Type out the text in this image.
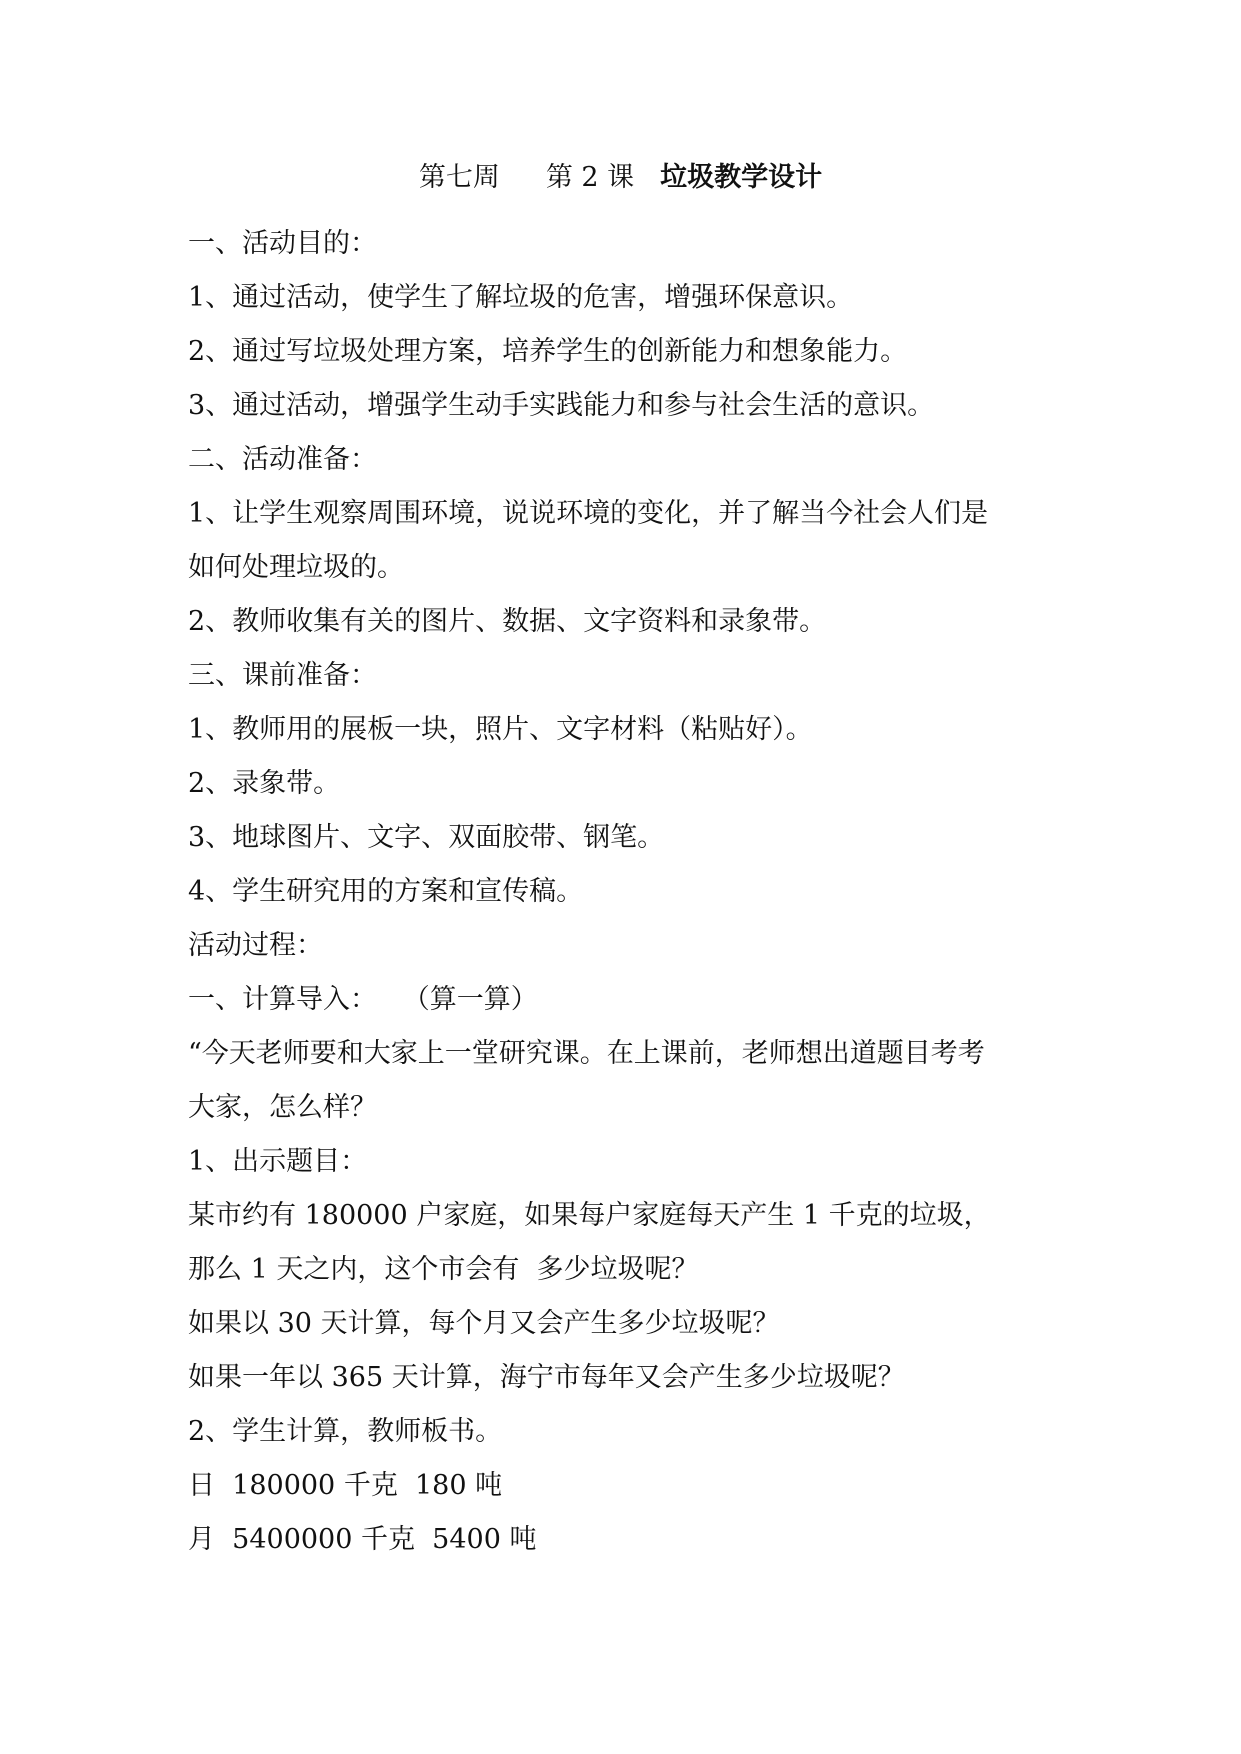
第七周 第 2 课 垃圾教学设计
一、活动目的：
1、通过活动，使学生了解垃圾的危害，增强环保意识。
2、通过写垃圾处理方案，培养学生的创新能力和想象能力。
3、通过活动，增强学生动手实践能力和参与社会生活的意识。
二、活动准备：
1、让学生观察周围环境，说说环境的变化，并了解当今社会人们是
如何处理垃圾的。
2、教师收集有关的图片、数据、文字资料和录象带。
三、课前准备：
1、教师用的展板一块，照片、文字材料（粘贴好）。
2、录象带。
3、地球图片、文字、双面胶带、钢笔。
4、学生研究用的方案和宣传稿。
活动过程：
一、计算导入：   （算一算）
“今天老师要和大家上一堂研究课。在上课前，老师想出道题目考考
大家，怎么样？
1、出示题目：
某市约有 180000 户家庭，如果每户家庭每天产生 1 千克的垃圾，
那么 1 天之内，这个市会有  多少垃圾呢？
如果以 30 天计算，每个月又会产生多少垃圾呢？
如果一年以 365 天计算，海宁市每年又会产生多少垃圾呢？
2、学生计算，教师板书。
日  180000 千克  180 吨
月  5400000 千克  5400 吨
